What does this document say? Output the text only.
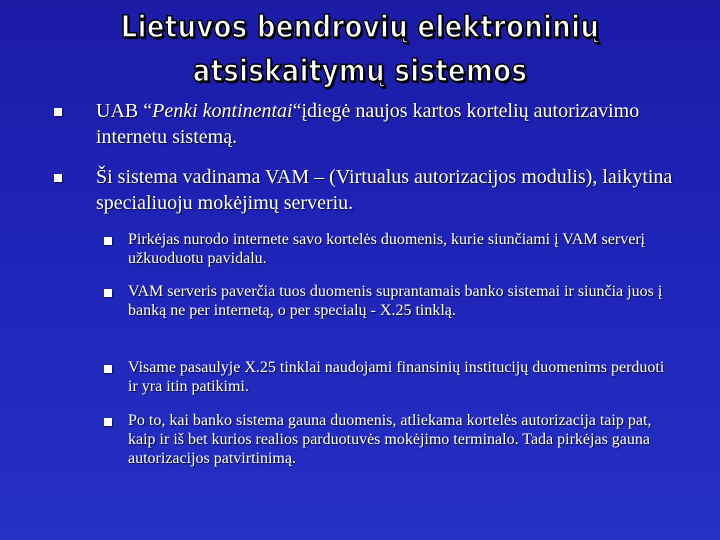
Lietuvos bendrovių elektroninių
atsiskaitymų sistemos
UAB “Penki kontinentai“įdiegė naujos kartos kortelių autorizavimo internetu sistemą.
Ši sistema vadinama VAM – (Virtualus autorizacijos modulis), laikytina specialiuoju mokėjimų serveriu.
Pirkėjas nurodo internete savo kortelės duomenis, kurie siunčiami į VAM serverį užkuoduotu pavidalu.
VAM serveris paverčia tuos duomenis suprantamais banko sistemai ir siunčia juos į banką ne per internetą, o per specialų - X.25 tinklą.
Visame pasaulyje X.25 tinklai naudojami finansinių institucijų duomenims perduoti ir yra itin patikimi.
Po to, kai banko sistema gauna duomenis, atliekama kortelės autorizacija taip pat, kaip ir iš bet kurios realios parduotuvės mokėjimo terminalo. Tada pirkėjas gauna autorizacijos patvirtinimą.
